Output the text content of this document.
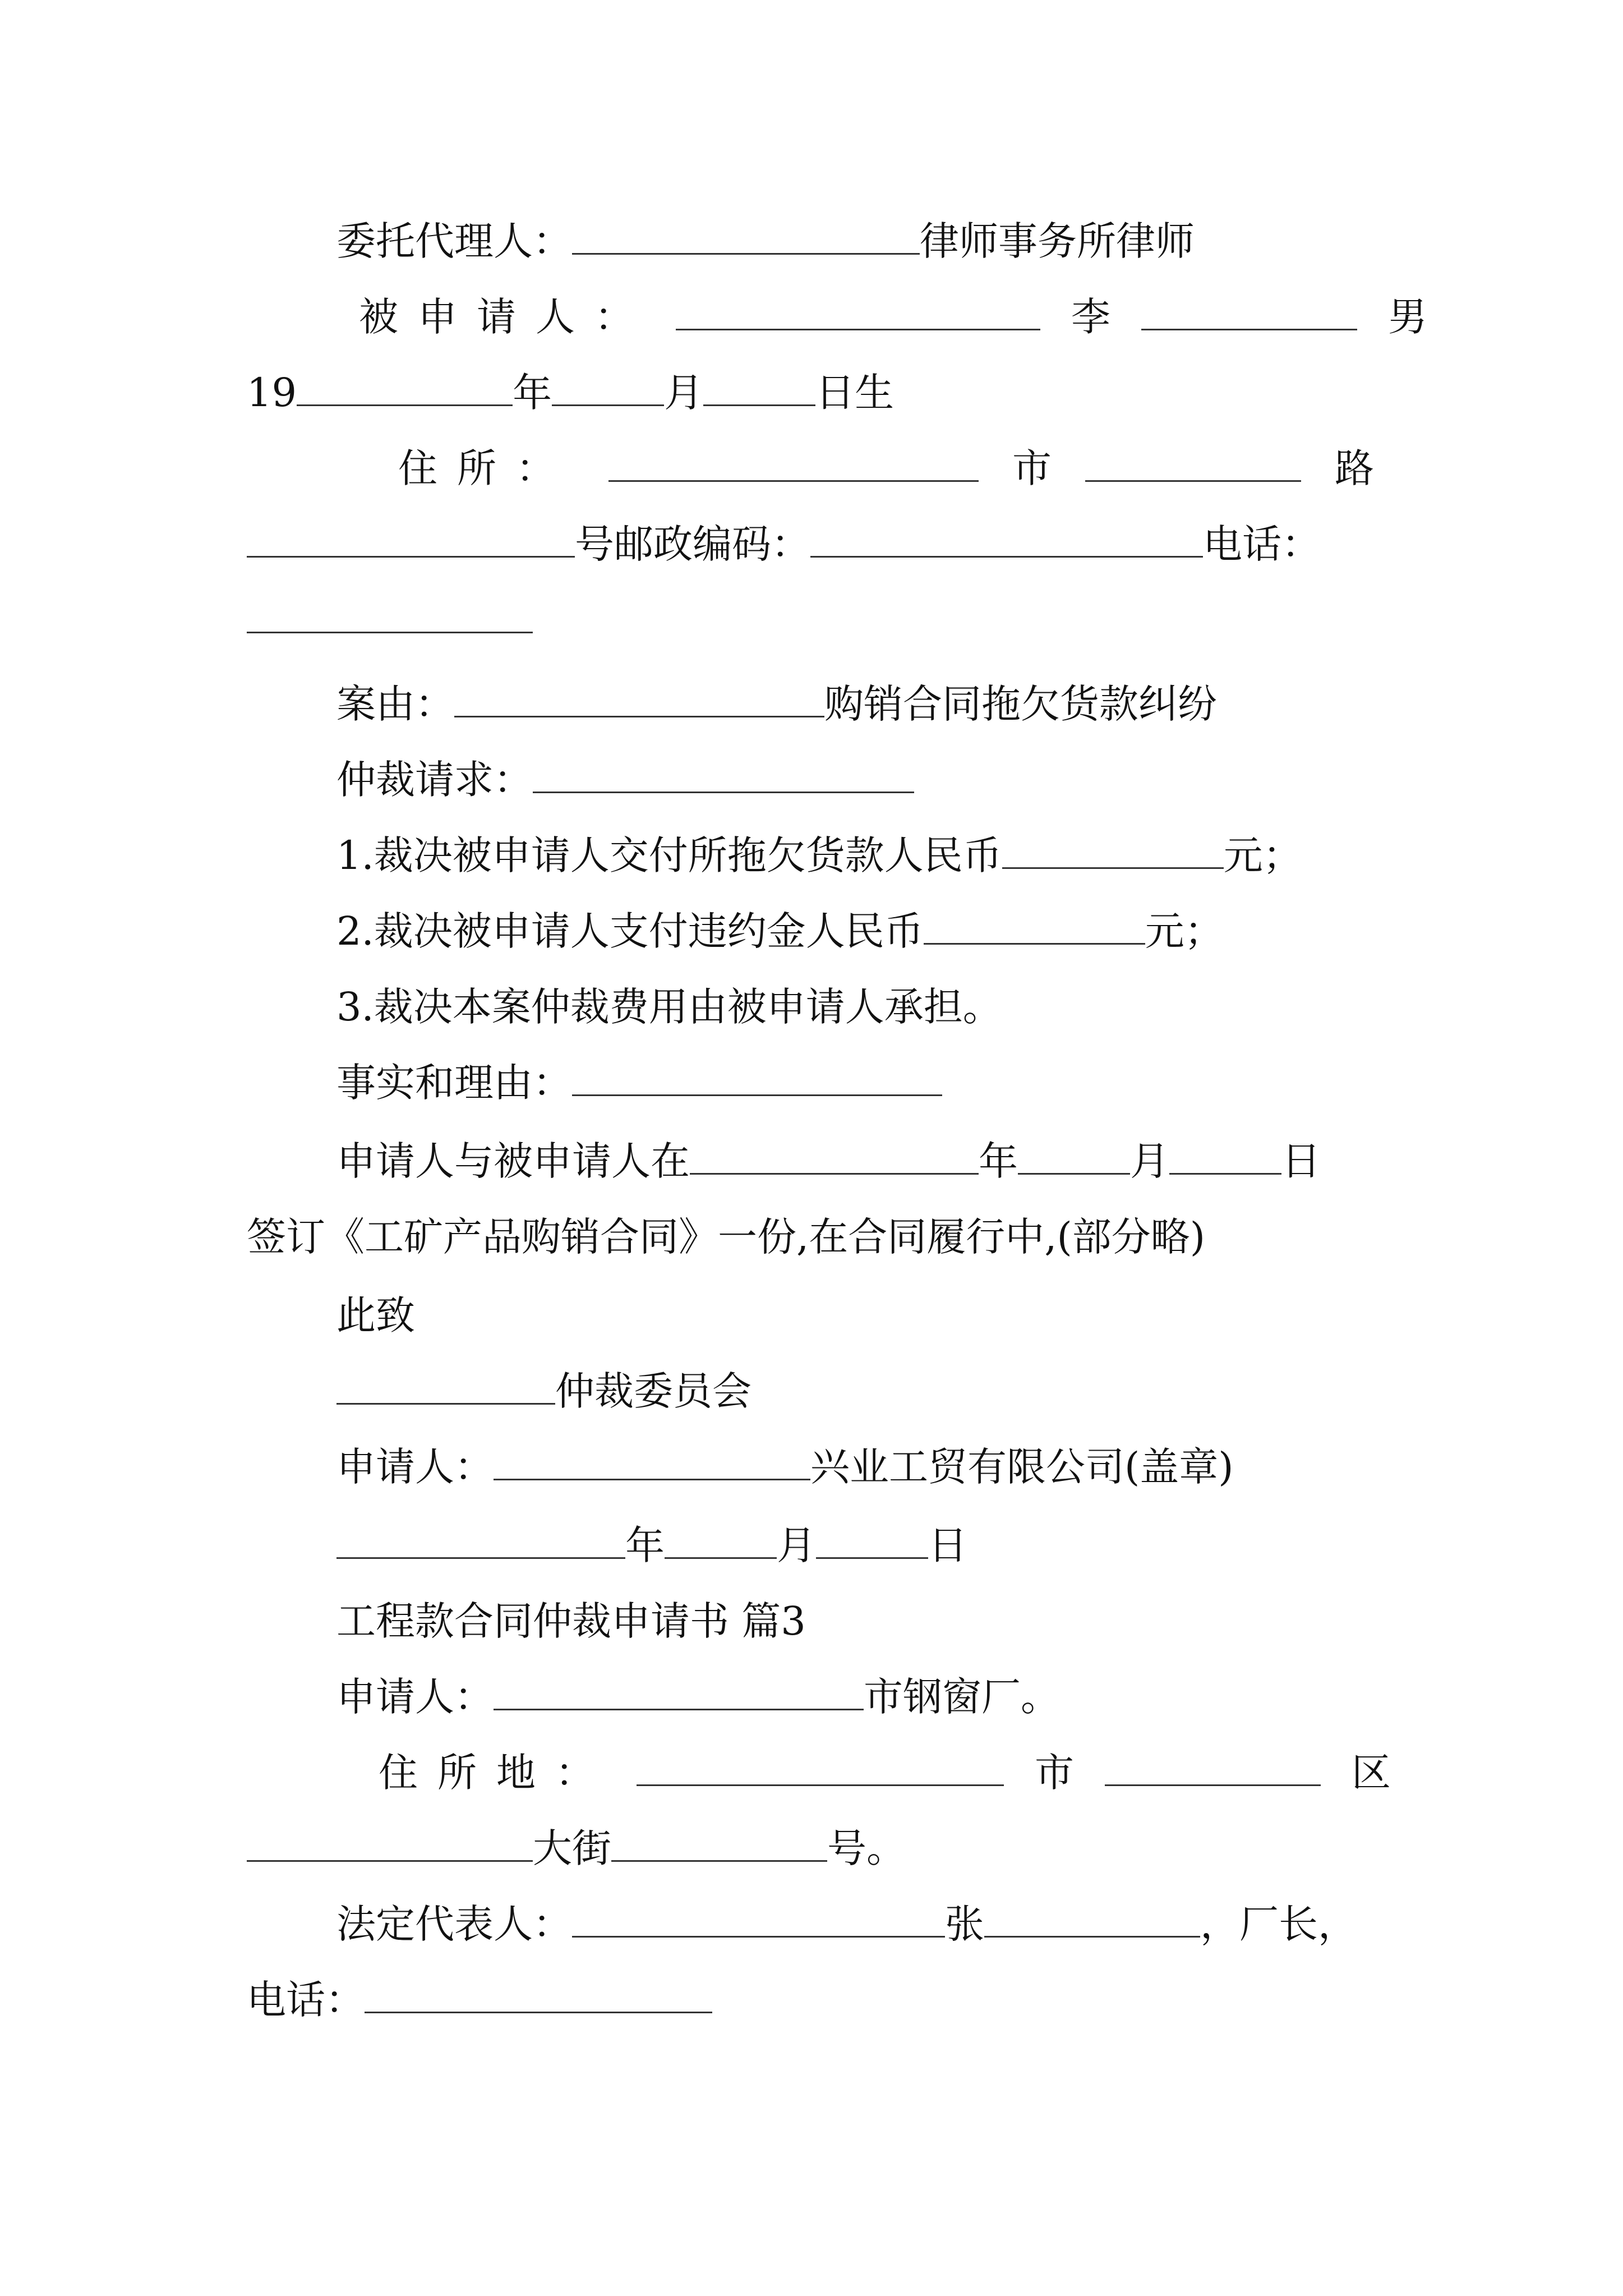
委托代理人：	律师事务所律师
被申请人：	李	男
19	年	月	日生
住所：	市	路
号邮政编码：	电话：
案由：	购销合同拖欠货款纠纷
仲裁请求：
1.裁决被申请人交付所拖欠货款人民币	元；
2.裁决被申请人支付违约金人民币	元；
3.裁决本案仲裁费用由被申请人承担。
事实和理由：
申请人与被申请人在	年	月	日
签订《工矿产品购销合同》一份,在合同履行中,(部分略)
此致
仲裁委员会
申请人：	兴业工贸有限公司(盖章)
年	月	日
工程款合同仲裁申请书 篇3
申请人：	市钢窗厂。
住所地：	市	区
大街	号。
法定代表人：	张	，厂长，
电话：
